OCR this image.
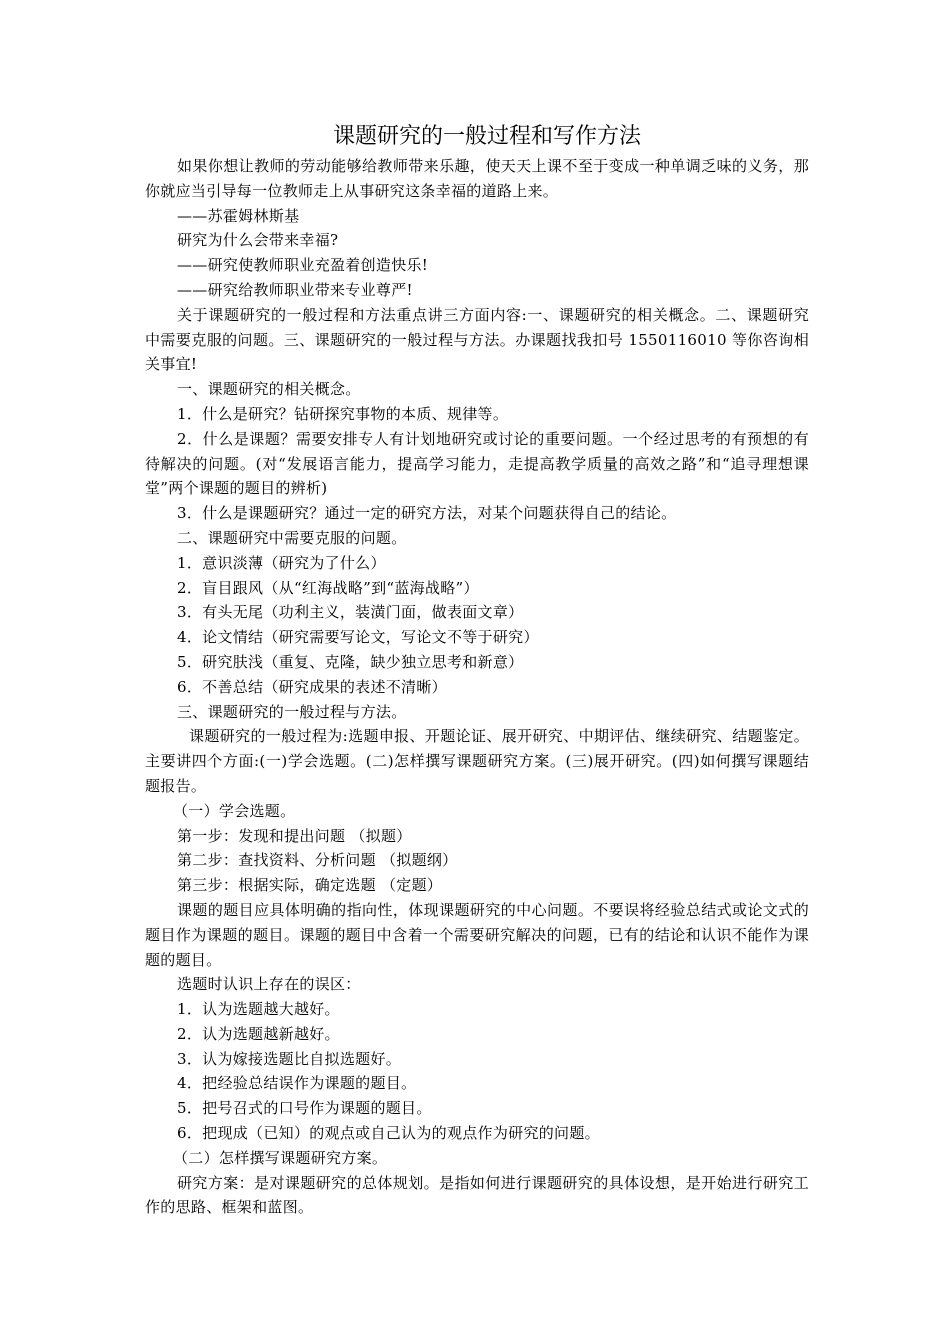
课题研究的一般过程和写作方法

如果你想让教师的劳动能够给教师带来乐趣，使天天上课不至于变成一种单调乏味的义务，那你就应当引导每一位教师走上从事研究这条幸福的道路上来。

——苏霍姆林斯基

研究为什么会带来幸福?

——研究使教师职业充盈着创造快乐!

——研究给教师职业带来专业尊严!

关于课题研究的一般过程和方法重点讲三方面内容:一、课题研究的相关概念。二、课题研究中需要克服的问题。三、课题研究的一般过程与方法。办课题找我扣号 1550116010 等你咨询相关事宜!

一、课题研究的相关概念。

1．什么是研究？钻研探究事物的本质、规律等。

2．什么是课题？需要安排专人有计划地研究或讨论的重要问题。一个经过思考的有预想的有待解决的问题。(对“发展语言能力，提高学习能力，走提高教学质量的高效之路”和“追寻理想课堂”两个课题的题目的辨析)

3．什么是课题研究？通过一定的研究方法，对某个问题获得自己的结论。

二、课题研究中需要克服的问题。

1．意识淡薄（研究为了什么）

2．盲目跟风（从“红海战略”到“蓝海战略”）

3．有头无尾（功利主义，装潢门面，做表面文章）

4．论文情结（研究需要写论文，写论文不等于研究）

5．研究肤浅（重复、克隆，缺少独立思考和新意）

6．不善总结（研究成果的表述不清晰）

三、课题研究的一般过程与方法。

课题研究的一般过程为:选题申报、开题论证、展开研究、中期评估、继续研究、结题鉴定。主要讲四个方面:(一)学会选题。(二)怎样撰写课题研究方案。(三)展开研究。(四)如何撰写课题结题报告。

（一）学会选题。

第一步：发现和提出问题 （拟题）

第二步：查找资料、分析问题 （拟题纲）

第三步：根据实际，确定选题 （定题）

课题的题目应具体明确的指向性，体现课题研究的中心问题。不要误将经验总结式或论文式的题目作为课题的题目。课题的题目中含着一个需要研究解决的问题，已有的结论和认识不能作为课题的题目。

选题时认识上存在的误区：

1．认为选题越大越好。

2．认为选题越新越好。

3．认为嫁接选题比自拟选题好。

4．把经验总结误作为课题的题目。

5．把号召式的口号作为课题的题目。

6．把现成（已知）的观点或自己认为的观点作为研究的问题。

（二）怎样撰写课题研究方案。

研究方案：是对课题研究的总体规划。是指如何进行课题研究的具体设想，是开始进行研究工作的思路、框架和蓝图。
